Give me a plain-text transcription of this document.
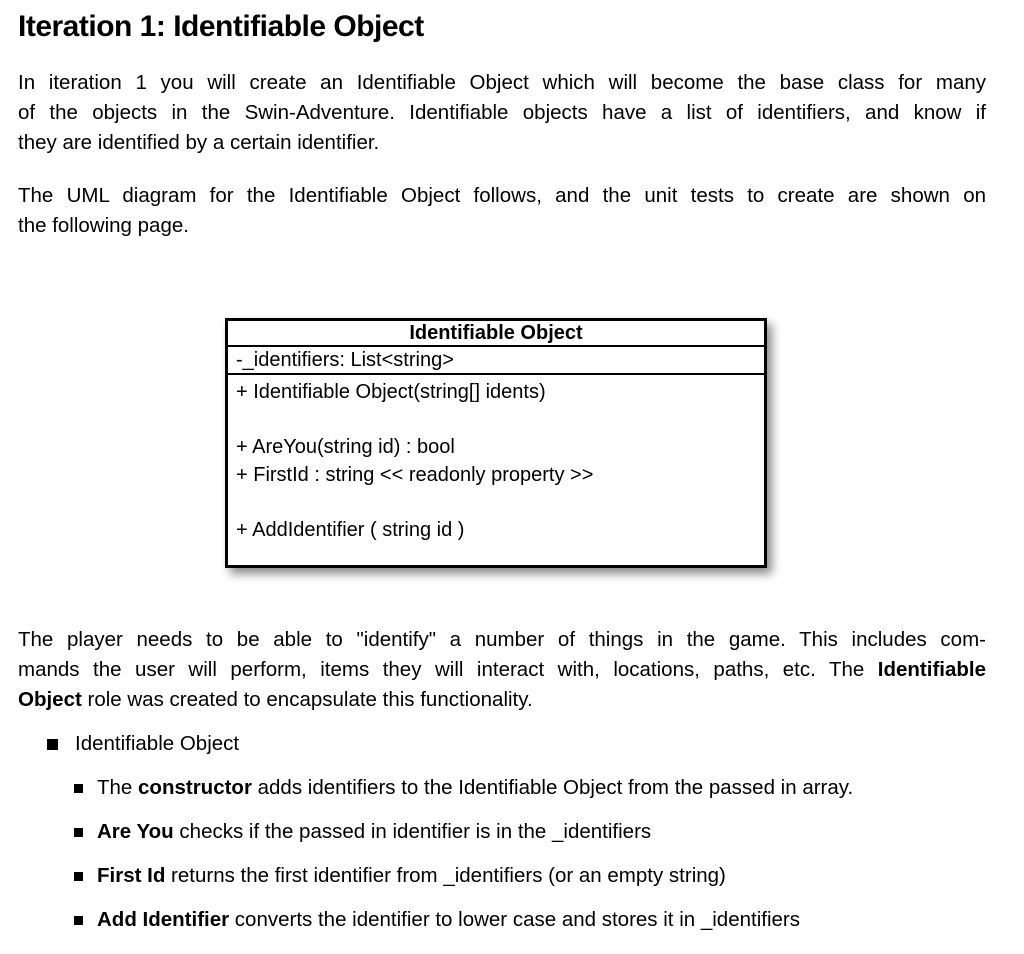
Iteration 1: Identifiable Object
In iteration 1 you will create an Identifiable Object which will become the base class for many
of the objects in the Swin-Adventure. Identifiable objects have a list of identifiers, and know if
they are identified by a certain identifier.
The UML diagram for the Identifiable Object follows, and the unit tests to create are shown on
the following page.
Identifiable Object
-_identifiers: List<string>
+ Identifiable Object(string[] idents)
+ AreYou(string id) : bool
+ FirstId : string << readonly property >>
+ AddIdentifier ( string id )
The player needs to be able to "identify" a number of things in the game. This includes com-
mands the user will perform, items they will interact with, locations, paths, etc. The Identifiable
Object role was created to encapsulate this functionality.
Identifiable Object
The constructor adds identifiers to the Identifiable Object from the passed in array.
Are You checks if the passed in identifier is in the _identifiers
First Id returns the first identifier from _identifiers (or an empty string)
Add Identifier converts the identifier to lower case and stores it in _identifiers
